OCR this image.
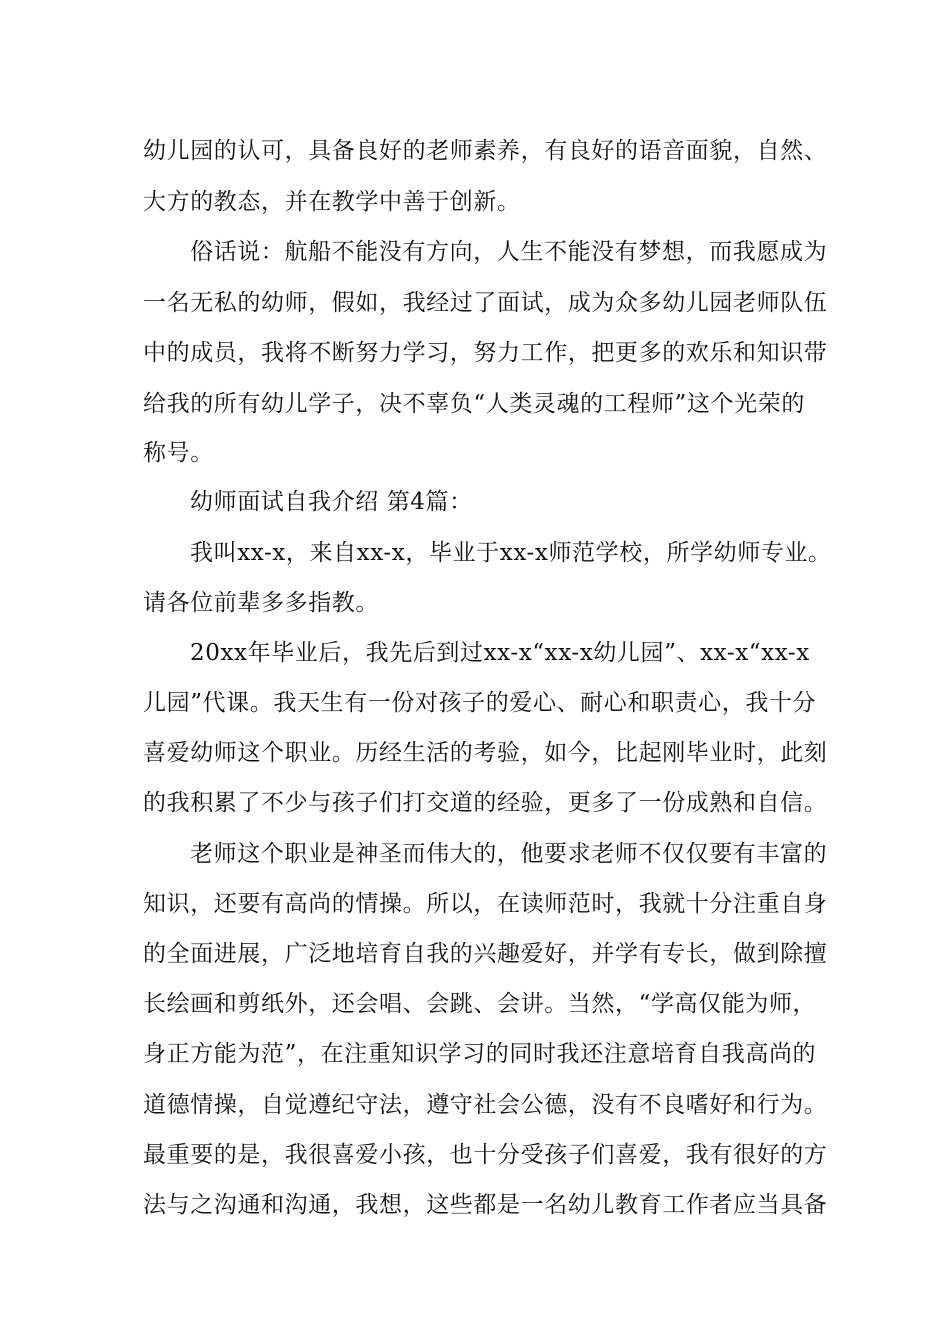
幼儿园的认可，具备良好的老师素养，有良好的语音面貌，自然、
大方的教态，并在教学中善于创新。
俗话说：航船不能没有方向，人生不能没有梦想，而我愿成为
一名无私的幼师，假如，我经过了面试，成为众多幼儿园老师队伍
中的成员，我将不断努力学习，努力工作，把更多的欢乐和知识带
给我的所有幼儿学子，决不辜负“人类灵魂的工程师”这个光荣的
称号。
幼师面试自我介绍 第4篇：
我叫xx-x，来自xx-x，毕业于xx-x师范学校，所学幼师专业。
请各位前辈多多指教。
20xx年毕业后，我先后到过xx-x“xx-x幼儿园”、xx-x“xx-x
儿园”代课。我天生有一份对孩子的爱心、耐心和职责心，我十分
喜爱幼师这个职业。历经生活的考验，如今，比起刚毕业时，此刻
的我积累了不少与孩子们打交道的经验，更多了一份成熟和自信。
老师这个职业是神圣而伟大的，他要求老师不仅仅要有丰富的
知识，还要有高尚的情操。所以，在读师范时，我就十分注重自身
的全面进展，广泛地培育自我的兴趣爱好，并学有专长，做到除擅
长绘画和剪纸外，还会唱、会跳、会讲。当然，“学高仅能为师，
身正方能为范”，在注重知识学习的同时我还注意培育自我高尚的
道德情操，自觉遵纪守法，遵守社会公德，没有不良嗜好和行为。
最重要的是，我很喜爱小孩，也十分受孩子们喜爱，我有很好的方
法与之沟通和沟通，我想，这些都是一名幼儿教育工作者应当具备
